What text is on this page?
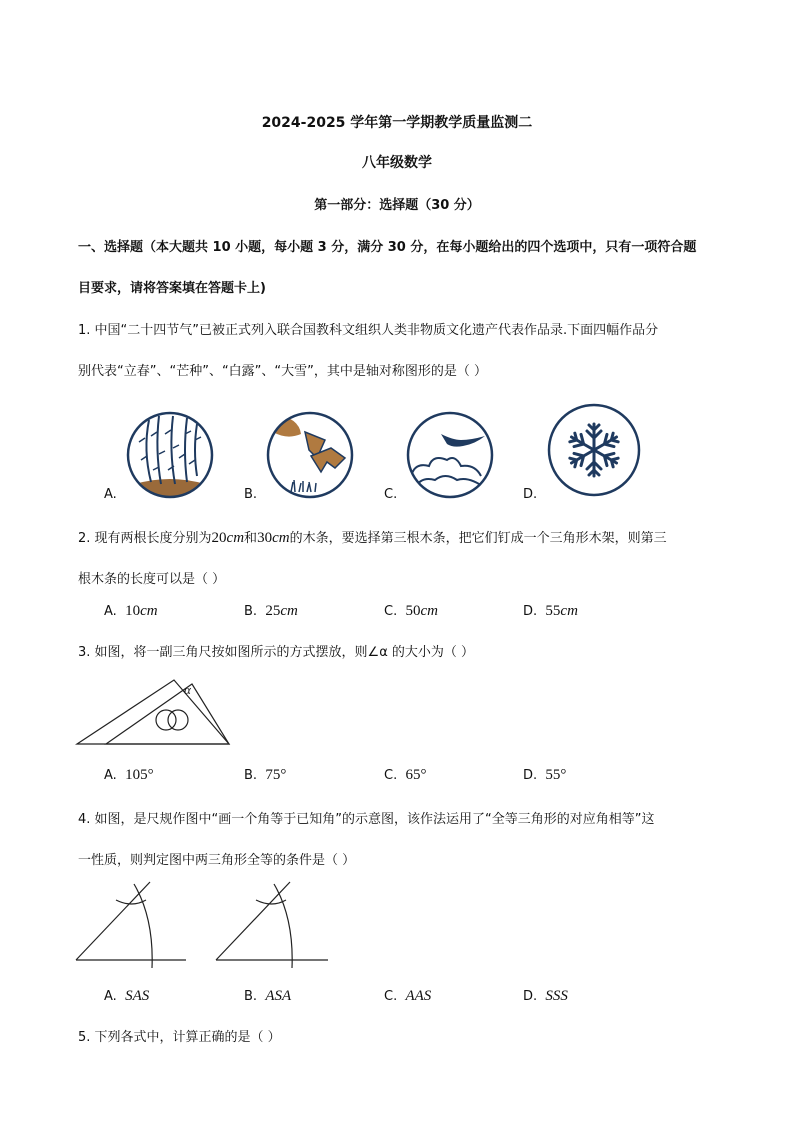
2024-2025 学年第一学期教学质量监测二
八年级数学
第一部分：选择题（30 分）
一、选择题（本大题共 10 小题，每小题 3 分，满分 30 分，在每小题给出的四个选项中，只有一项符合题
目要求，请将答案填在答题卡上)
1. 中国“二十四节气”已被正式列入联合国教科文组织人类非物质文化遗产代表作品录.下面四幅作品分
别代表“立春”、“芒种”、“白露”、“大雪”，其中是轴对称图形的是（ ）
A.	B.	C.	D.
2. 现有两根长度分别为20cm和30cm的木条，要选择第三根木条，把它们钉成一个三角形木架，则第三
根木条的长度可以是（ ）
A. 10cm	B. 25cm	C. 50cm	D. 55cm
3. 如图，将一副三角尺按如图所示的方式摆放，则∠α 的大小为（ ）
α
A. 105°	B. 75°	C. 65°	D. 55°
4. 如图，是尺规作图中“画一个角等于已知角”的示意图，该作法运用了“全等三角形的对应角相等”这
一性质，则判定图中两三角形全等的条件是（ ）
A. SAS	B. ASA	C. AAS	D. SSS
5. 下列各式中，计算正确的是（ ）
